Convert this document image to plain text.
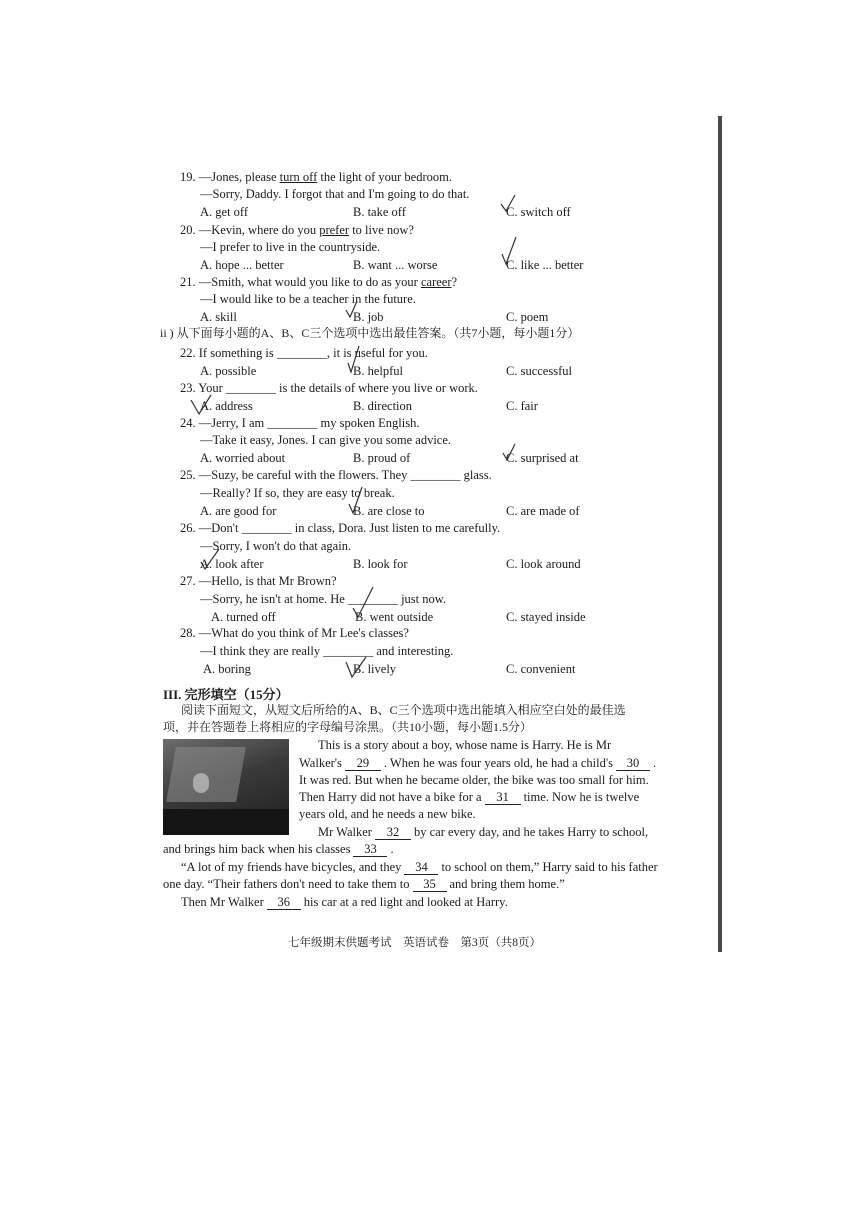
19. —Jones, please turn off the light of your bedroom.
—Sorry, Daddy. I forgot that and I'm going to do that.
A. get off	B. take off	C. switch off
20. —Kevin, where do you prefer to live now?
—I prefer to live in the countryside.
A. hope ... better	B. want ... worse	C. like ... better
21. —Smith, what would you like to do as your career?
—I would like to be a teacher in the future.
A. skill	B. job	C. poem
ii ) 从下面每小题的A、B、C三个选项中选出最佳答案。（共7小题，每小题1分）
22. If something is ________, it is useful for you.
A. possible	B. helpful	C. successful
23. Your ________ is the details of where you live or work.
A. address	B. direction	C. fair
24. —Jerry, I am ________ my spoken English.
—Take it easy, Jones. I can give you some advice.
A. worried about	B. proud of	C. surprised at
25. —Suzy, be careful with the flowers. They ________ glass.
—Really? If so, they are easy to break.
A. are good for	B. are close to	C. are made of
26. —Don't ________ in class, Dora. Just listen to me carefully.
—Sorry, I won't do that again.
A. look after	B. look for	C. look around
27. —Hello, is that Mr Brown?
—Sorry, he isn't at home. He ________ just now.
A. turned off	B. went outside	C. stayed inside
28. —What do you think of Mr Lee's classes?
—I think they are really ________ and interesting.
A. boring	B. lively	C. convenient
III. 完形填空（15分）
阅读下面短文，从短文后所给的A、B、C三个选项中选出能填入相应空白处的最佳选
项，并在答题卷上将相应的字母编号涂黑。（共10小题，每小题1.5分）
This is a story about a boy, whose name is Harry. He is Mr
Walker's 29 . When he was four years old, he had a child's 30 .
It was red. But when he became older, the bike was too small for him.
Then Harry did not have a bike for a 31 time. Now he is twelve
years old, and he needs a new bike.
Mr Walker 32 by car every day, and he takes Harry to school,
and brings him back when his classes 33 .
“A lot of my friends have bicycles, and they 34 to school on them,” Harry said to his father
one day. “Their fathers don't need to take them to 35 and bring them home.”
Then Mr Walker 36 his car at a red light and looked at Harry.
七年级期末供题考试　英语试卷　第3页（共8页）
